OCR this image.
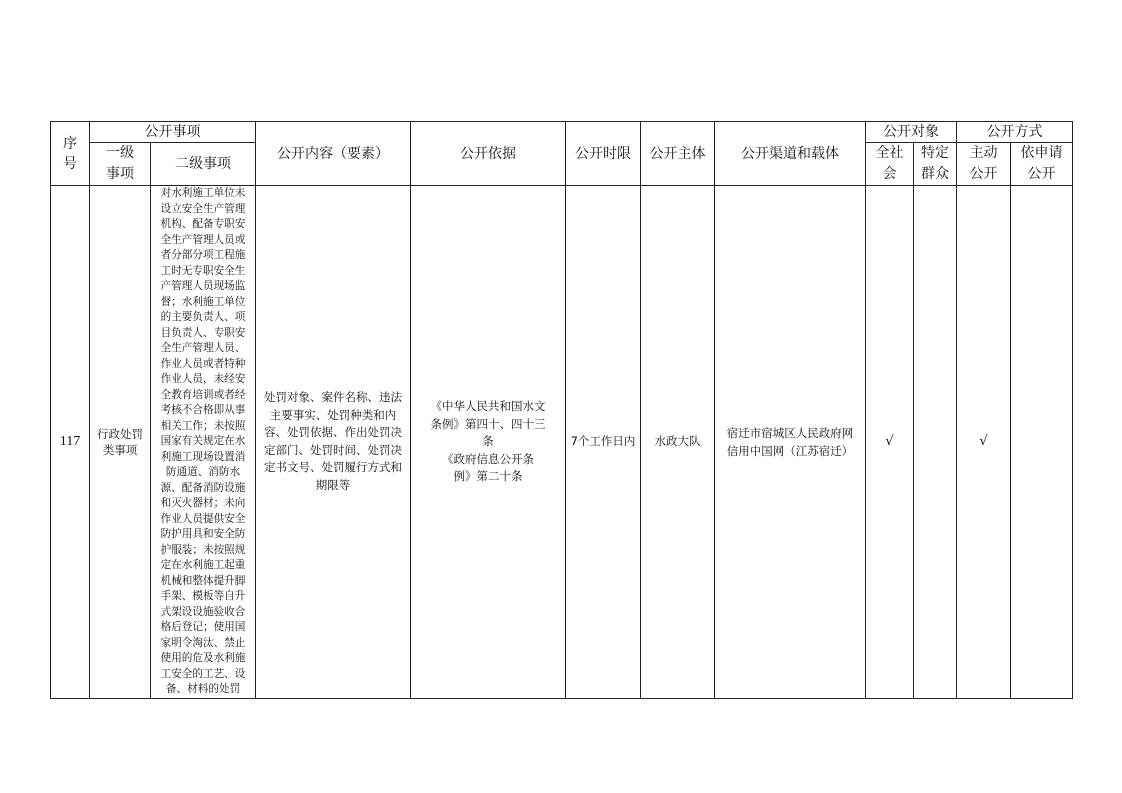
序号	公开事项		公开内容（要素）	公开依据	公开时限	公开主体	公开渠道和载体	公开对象		公开方式	

	一级事项	二级事项						全社会	特定群众	主动公开	依申请公开

117	行政处罚类事项	对水利施工单位未设立安全生产管理机构、配备专职安全生产管理人员或者分部分项工程施工时无专职安全生产管理人员现场监督；水利施工单位的主要负责人、项目负责人、专职安全生产管理人员、作业人员或者特种作业人员，未经安全教育培训或者经考核不合格即从事相关工作；未按照国家有关规定在水利施工现场设置消防通道、消防水源、配备消防设施和灭火器材；未向作业人员提供安全防护用具和安全防护服装；未按照规定在水利施工起重机械和整体提升脚手架、模板等自升式架设设施验收合格后登记；使用国家明令淘汰、禁止使用的危及水利施工安全的工艺、设备、材料的处罚	处罚对象、案件名称、违法主要事实、处罚种类和内容、处罚依据、作出处罚决定部门、处罚时间、处罚决定书文号、处罚履行方式和期限等	《中华人民共和国水文条例》第四十、四十三条
《政府信息公开条例》第二十条	7个工作日内	水政大队	宿迁市宿城区人民政府网信用中国网（江苏宿迁）	√		√	
